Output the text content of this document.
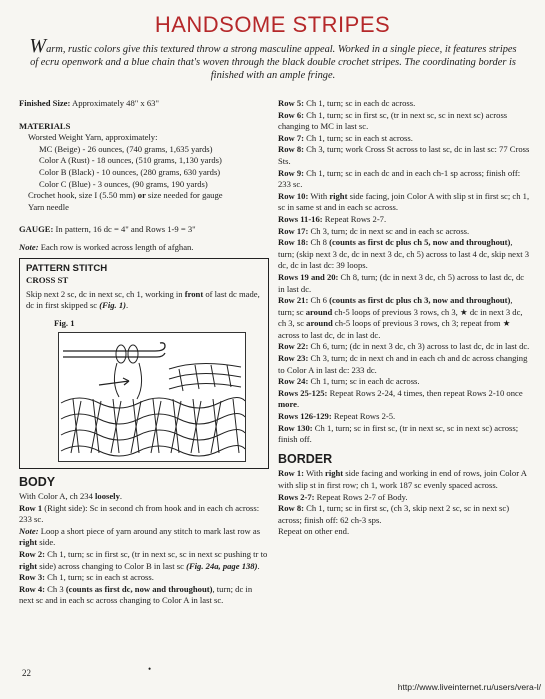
HANDSOME STRIPES
Warm, rustic colors give this textured throw a strong masculine appeal. Worked in a single piece, it features stripes of ecru openwork and a blue chain that's woven through the black double crochet stripes. The coordinating border is finished with an ample fringe.

Finished Size: Approximately 48" x 63"

MATERIALS

Worsted Weight Yarn, approximately:

MC (Beige) - 26 ounces, (740 grams, 1,635 yards)

Color A (Rust) - 18 ounces, (510 grams, 1,130 yards)

Color B (Black) - 10 ounces, (280 grams, 630 yards)

Color C (Blue) - 3 ounces, (90 grams, 190 yards)

Crochet hook, size I (5.50 mm) or size needed for gauge

Yarn needle

GAUGE: In pattern, 16 dc = 4" and Rows 1-9 = 3"

Note: Each row is worked across length of afghan.

PATTERN STITCH
CROSS ST

Skip next 2 sc, dc in next sc, ch 1, working in front of last dc made, dc in first skipped sc (Fig. 1).

Fig. 1

BODY

With Color A, ch 234 loosely.

Row 1 (Right side): Sc in second ch from hook and in each ch across: 233 sc.

Note: Loop a short piece of yarn around any stitch to mark last row as right side.

Row 2: Ch 1, turn; sc in first sc, (tr in next sc, sc in next sc pushing tr to right side) across changing to Color B in last sc (Fig. 24a, page 138).

Row 3: Ch 1, turn; sc in each st across.

Row 4: Ch 3 (counts as first dc, now and throughout), turn; dc in next sc and in each sc across changing to Color A in last sc.

Row 5: Ch 1, turn; sc in each dc across.

Row 6: Ch 1, turn; sc in first sc, (tr in next sc, sc in next sc) across changing to MC in last sc.

Row 7: Ch 1, turn; sc in each st across.

Row 8: Ch 3, turn; work Cross St across to last sc, dc in last sc: 77 Cross Sts.

Row 9: Ch 1, turn; sc in each dc and in each ch-1 sp across; finish off: 233 sc.

Row 10: With right side facing, join Color A with slip st in first sc; ch 1, sc in same st and in each sc across.

Rows 11-16: Repeat Rows 2-7.

Row 17: Ch 3, turn; dc in next sc and in each sc across.

Row 18: Ch 8 (counts as first dc plus ch 5, now and throughout), turn; (skip next 3 dc, dc in next 3 dc, ch 5) across to last 4 dc, skip next 3 dc, dc in last dc: 39 loops.

Rows 19 and 20: Ch 8, turn; (dc in next 3 dc, ch 5) across to last dc, dc in last dc.

Row 21: Ch 6 (counts as first dc plus ch 3, now and throughout), turn; sc around ch-5 loops of previous 3 rows, ch 3, ★ dc in next 3 dc, ch 3, sc around ch-5 loops of previous 3 rows, ch 3; repeat from ★ across to last dc, dc in last dc.

Row 22: Ch 6, turn; (dc in next 3 dc, ch 3) across to last dc, dc in last dc.

Row 23: Ch 3, turn; dc in next ch and in each ch and dc across changing to Color A in last dc: 233 dc.

Row 24: Ch 1, turn; sc in each dc across.

Rows 25-125: Repeat Rows 2-24, 4 times, then repeat Rows 2-10 once more.

Rows 126-129: Repeat Rows 2-5.

Row 130: Ch 1, turn; sc in first sc, (tr in next sc, sc in next sc) across; finish off.

BORDER

Row 1: With right side facing and working in end of rows, join Color A with slip st in first row; ch 1, work 187 sc evenly spaced across.

Rows 2-7: Repeat Rows 2-7 of Body.

Row 8: Ch 1, turn; sc in first sc, (ch 3, skip next 2 sc, sc in next sc) across; finish off: 62 ch-3 sps.

Repeat on other end.

22	•
http://www.liveinternet.ru/users/vera-l/
